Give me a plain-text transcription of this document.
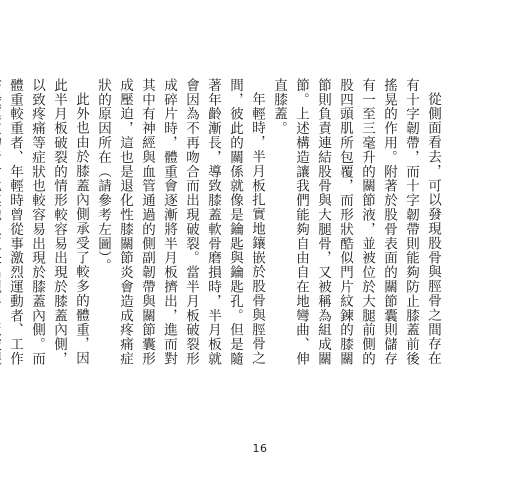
從側面看去，可以發現股骨與脛骨之間存在有十字韌帶，而十字韌帶則能夠防止膝蓋前後搖晃的作用。附著於股骨表面的關節囊則儲存有一至三毫升的關節液，並被位於大腿前側的股四頭肌所包覆，而形狀酷似門片紋鍊的膝關節則負責連結股骨與大腿骨，又被稱為組成關節。上述構造讓我們能夠自由自在地彎曲、伸直膝蓋。

年輕時，半月板扎實地鑲嵌於股骨與脛骨之間，彼此的關係就像是鑰匙與鑰匙孔。但是隨著年齡漸長，導致膝蓋軟骨磨損時，半月板就會因為不再吻合而出現破裂。當半月板破裂形成碎片時，體重會逐漸將半月板擠出，進而對其中有神經與血管通過的側副韌帶與關節囊形成壓迫，這也是退化性膝關節炎會造成疼痛症狀的原因所在（請參考左圖）。

此外也由於膝蓋內側承受了較多的體重，因此半月板破裂的情形較容易出現於膝蓋內側，以致疼痛等症狀也較容易出現於膝蓋內側。而體重較重者、年輕時曾從事激烈運動者、工作

16
